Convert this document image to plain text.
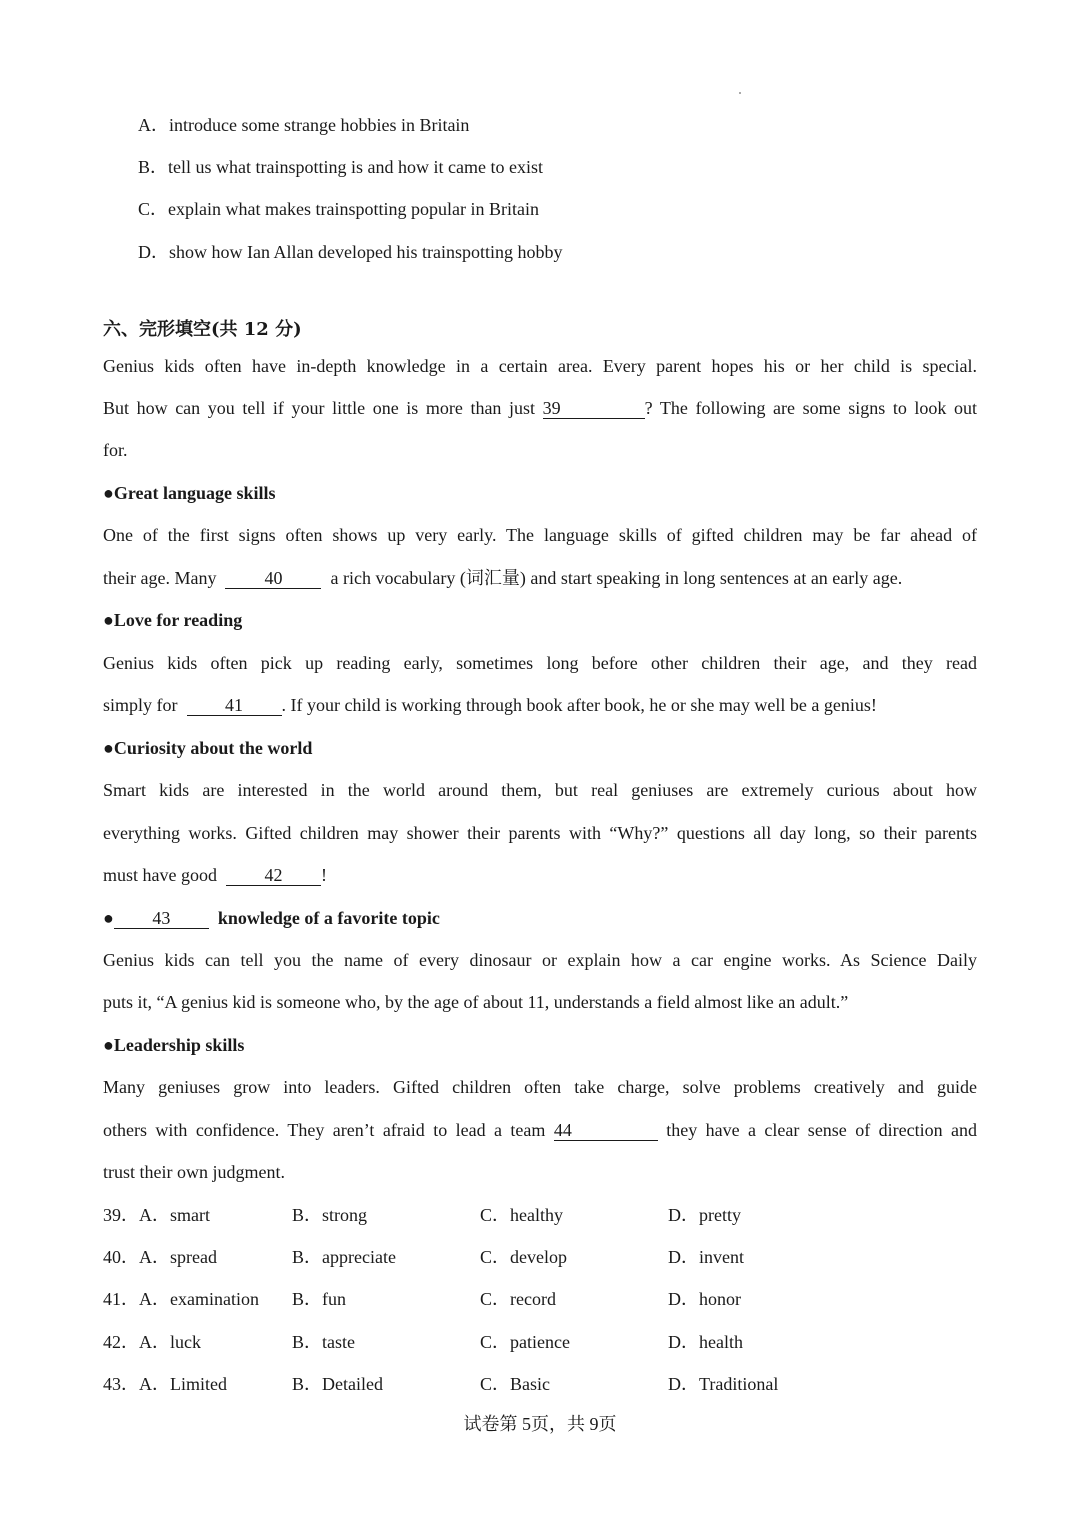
A．introduce some strange hobbies in Britain
B．tell us what trainspotting is and how it came to exist
C．explain what makes trainspotting popular in Britain
D．show how Ian Allan developed his trainspotting hobby
六、完形填空(共 12 分)
Genius kids often have in-depth knowledge in a certain area. Every parent hopes his or her child is special.
But how can you tell if your little one is more than just 39	? The following are some signs to look out
for.
●Great language skills
One of the first signs often shows up very early. The language skills of gifted children may be far ahead of
their age. Many	40	a rich vocabulary (词汇量) and start speaking in long sentences at an early age.
●Love for reading
Genius kids often pick up reading early, sometimes long before other children their age, and they read
simply for	41 . If your child is working through book after book, he or she may well be a genius!
●Curiosity about the world
Smart kids are interested in the world around them, but real geniuses are extremely curious about how
everything works. Gifted children may shower their parents with “Why?” questions all day long, so their parents
must have good	42 !
● 43	knowledge of a favorite topic
Genius kids can tell you the name of every dinosaur or explain how a car engine works. As Science Daily
puts it, “A genius kid is someone who, by the age of about 11, understands a field almost like an adult.”
●Leadership skills
Many geniuses grow into leaders. Gifted children often take charge, solve problems creatively and guide
others with confidence. They aren’t afraid to lead a team 44	they have a clear sense of direction and
trust their own judgment.
39． A．smart	B．strong	C．healthy	D．pretty
40． A．spread	B．appreciate	C．develop	D．invent
41． A．examination B．fun	C．record	D．honor
42． A．luck	B．taste	C．patience	D．health
43． A．Limited	B．Detailed	C．Basic	D．Traditional
试卷第 5页，共 9页
